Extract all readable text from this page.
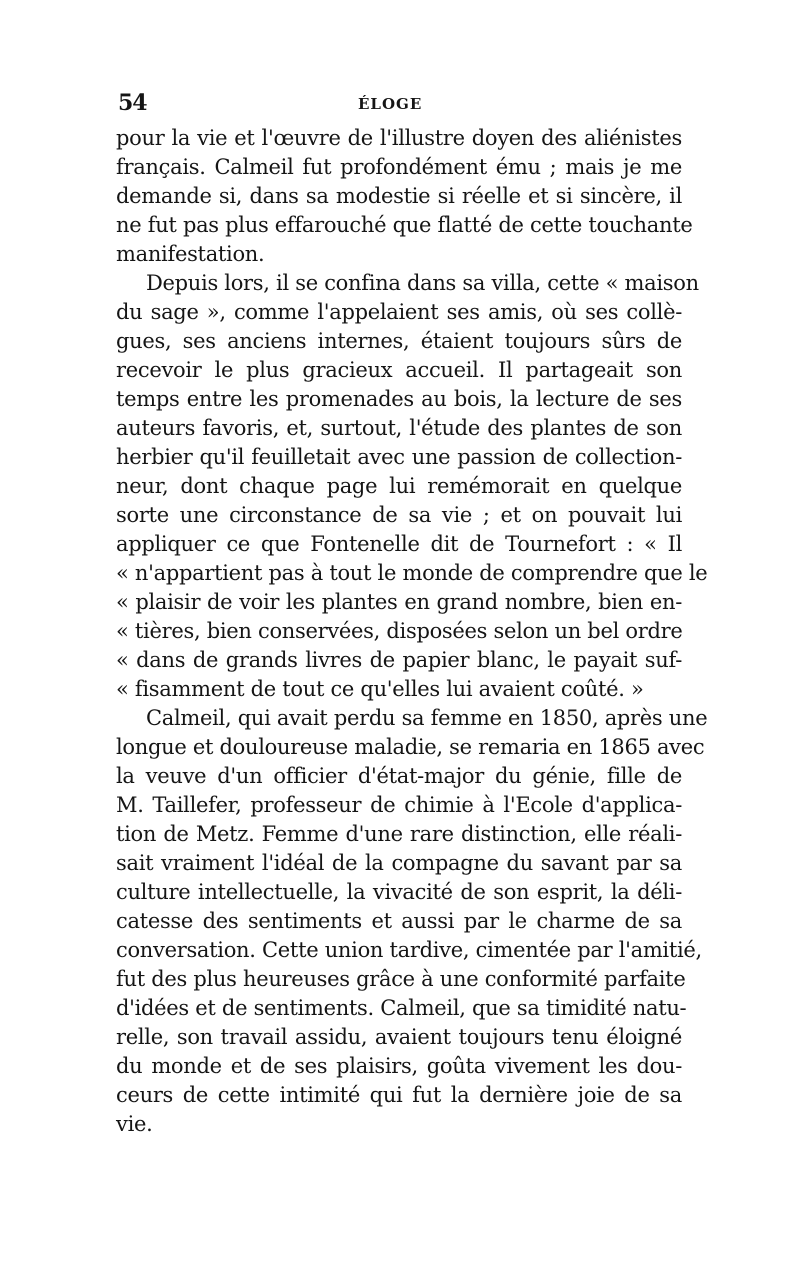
54	ÉLOGE
pour la vie et l'œuvre de l'illustre doyen des aliénistes
français. Calmeil fut profondément ému ; mais je me
demande si, dans sa modestie si réelle et si sincère, il
ne fut pas plus effarouché que flatté de cette touchante
manifestation.
Depuis lors, il se confina dans sa villa, cette « maison
du sage », comme l'appelaient ses amis, où ses collè-
gues, ses anciens internes, étaient toujours sûrs de
recevoir le plus gracieux accueil. Il partageait son
temps entre les promenades au bois, la lecture de ses
auteurs favoris, et, surtout, l'étude des plantes de son
herbier qu'il feuilletait avec une passion de collection-
neur, dont chaque page lui remémorait en quelque
sorte une circonstance de sa vie ; et on pouvait lui
appliquer ce que Fontenelle dit de Tournefort : « Il
« n'appartient pas à tout le monde de comprendre que le
« plaisir de voir les plantes en grand nombre, bien en-
« tières, bien conservées, disposées selon un bel ordre
« dans de grands livres de papier blanc, le payait suf-
« fisamment de tout ce qu'elles lui avaient coûté. »
Calmeil, qui avait perdu sa femme en 1850, après une
longue et douloureuse maladie, se remaria en 1865 avec
la veuve d'un officier d'état-major du génie, fille de
M. Taillefer, professeur de chimie à l'Ecole d'applica-
tion de Metz. Femme d'une rare distinction, elle réali-
sait vraiment l'idéal de la compagne du savant par sa
culture intellectuelle, la vivacité de son esprit, la déli-
catesse des sentiments et aussi par le charme de sa
conversation. Cette union tardive, cimentée par l'amitié,
fut des plus heureuses grâce à une conformité parfaite
d'idées et de sentiments. Calmeil, que sa timidité natu-
relle, son travail assidu, avaient toujours tenu éloigné
du monde et de ses plaisirs, goûta vivement les dou-
ceurs de cette intimité qui fut la dernière joie de sa
vie.
